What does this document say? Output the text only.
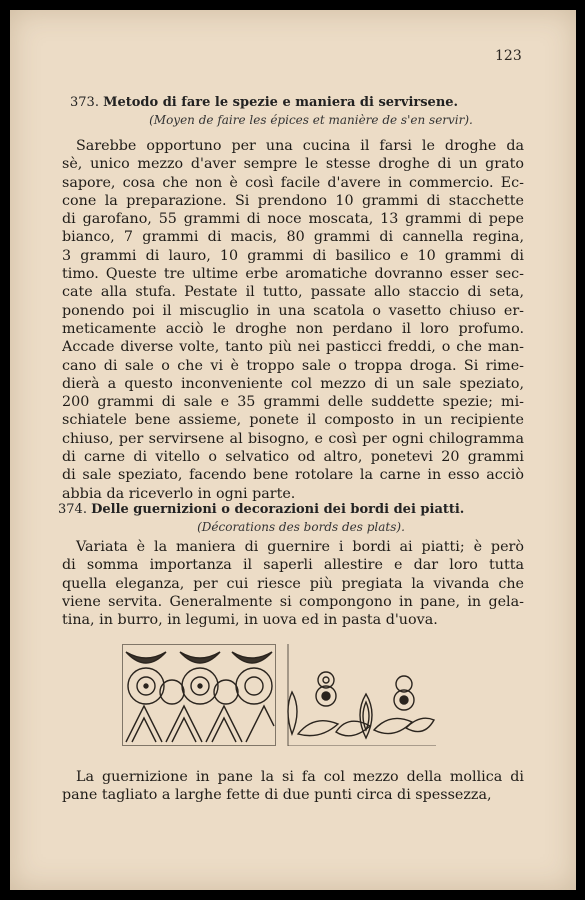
123
373. Metodo di fare le spezie e maniera di servirsene.
(Moyen de faire les épices et manière de s'en servir).
Sarebbe opportuno per una cucina il farsi le droghe da
sè, unico mezzo d'aver sempre le stesse droghe di un grato
sapore, cosa che non è così facile d'avere in commercio. Ec-
cone la preparazione. Si prendono 10 grammi di stacchette
di garofano, 55 grammi di noce moscata, 13 grammi di pepe
bianco, 7 grammi di macis, 80 grammi di cannella regina,
3 grammi di lauro, 10 grammi di basilico e 10 grammi di
timo. Queste tre ultime erbe aromatiche dovranno esser sec-
cate alla stufa. Pestate il tutto, passate allo staccio di seta,
ponendo poi il miscuglio in una scatola o vasetto chiuso er-
meticamente acciò le droghe non perdano il loro profumo.
Accade diverse volte, tanto più nei pasticci freddi, o che man-
cano di sale o che vi è troppo sale o troppa droga. Si rime-
dierà a questo inconveniente col mezzo di un sale speziato,
200 grammi di sale e 35 grammi delle suddette spezie; mi-
schiatele bene assieme, ponete il composto in un recipiente
chiuso, per servirsene al bisogno, e così per ogni chilogramma
di carne di vitello o selvatico od altro, ponetevi 20 grammi
di sale speziato, facendo bene rotolare la carne in esso acciò
abbia da riceverlo in ogni parte.
374. Delle guernizioni o decorazioni dei bordi dei piatti.
(Décorations des bords des plats).
Variata è la maniera di guernire i bordi ai piatti; è però
di somma importanza il saperli allestire e dar loro tutta
quella eleganza, per cui riesce più pregiata la vivanda che
viene servita. Generalmente si compongono in pane, in gela-
tina, in burro, in legumi, in uova ed in pasta d'uova.
La guernizione in pane la si fa col mezzo della mollica di
pane tagliato a larghe fette di due punti circa di spessezza,
